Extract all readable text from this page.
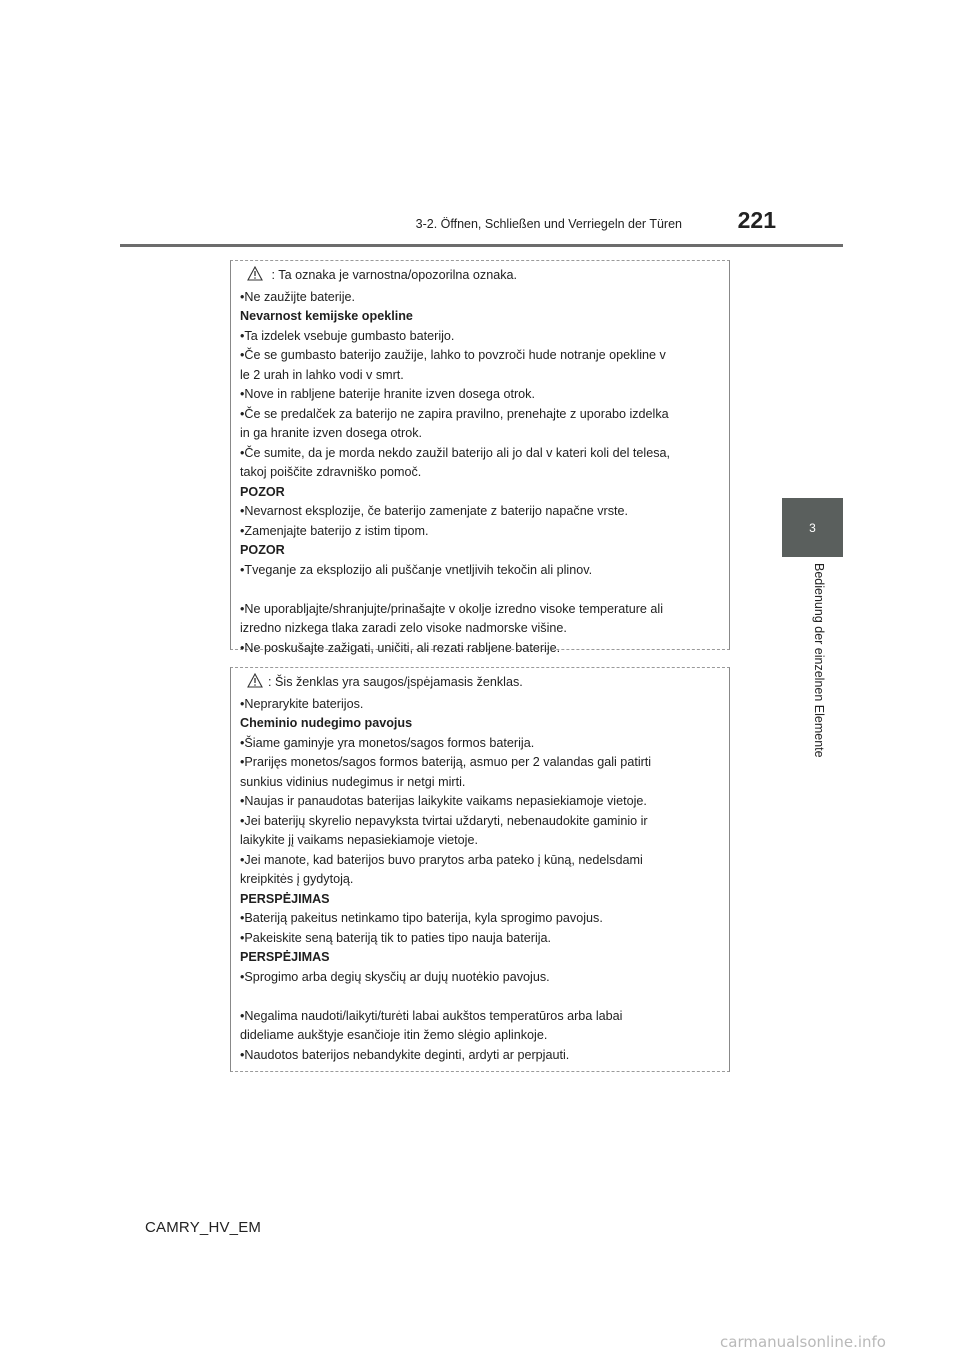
3-2. Öffnen, Schließen und Verriegeln der Türen	221
3
Bedienung der einzelnen Elemente
: Ta oznaka je varnostna/opozorilna oznaka.
•Ne zaužijte baterije.
Nevarnost kemijske opekline
•Ta izdelek vsebuje gumbasto baterijo.
•Če se gumbasto baterijo zaužije, lahko to povzroči hude notranje opekline v
le 2 urah in lahko vodi v smrt.
•Nove in rabljene baterije hranite izven dosega otrok.
•Če se predalček za baterijo ne zapira pravilno, prenehajte z uporabo izdelka
in ga hranite izven dosega otrok.
•Če sumite, da je morda nekdo zaužil baterijo ali jo dal v kateri koli del telesa,
takoj poiščite zdravniško pomoč.
POZOR
•Nevarnost eksplozije, če baterijo zamenjate z baterijo napačne vrste.
•Zamenjajte baterijo z istim tipom.
POZOR
•Tveganje za eksplozijo ali puščanje vnetljivih tekočin ali plinov.
•Ne uporabljajte/shranjujte/prinašajte v okolje izredno visoke temperature ali
izredno nizkega tlaka zaradi zelo visoke nadmorske višine.
•Ne poskušajte zažigati, uničiti, ali rezati rabljene baterije.
: Šis ženklas yra saugos/įspėjamasis ženklas.
•Neprarykite baterijos.
Cheminio nudegimo pavojus
•Šiame gaminyje yra monetos/sagos formos baterija.
•Prarijęs monetos/sagos formos bateriją, asmuo per 2 valandas gali patirti
sunkius vidinius nudegimus ir netgi mirti.
•Naujas ir panaudotas baterijas laikykite vaikams nepasiekiamoje vietoje.
•Jei baterijų skyrelio nepavyksta tvirtai uždaryti, nebenaudokite gaminio ir
laikykite jį vaikams nepasiekiamoje vietoje.
•Jei manote, kad baterijos buvo prarytos arba pateko į kūną, nedelsdami
kreipkitės į gydytoją.
PERSPĖJIMAS
•Bateriją pakeitus netinkamo tipo baterija, kyla sprogimo pavojus.
•Pakeiskite seną bateriją tik to paties tipo nauja baterija.
PERSPĖJIMAS
•Sprogimo arba degių skysčių ar dujų nuotėkio pavojus.
•Negalima naudoti/laikyti/turėti labai aukštos temperatūros arba labai
dideliame aukštyje esančioje itin žemo slėgio aplinkoje.
•Naudotos baterijos nebandykite deginti, ardyti ar perpjauti.
CAMRY_HV_EM
carmanualsonline.info
